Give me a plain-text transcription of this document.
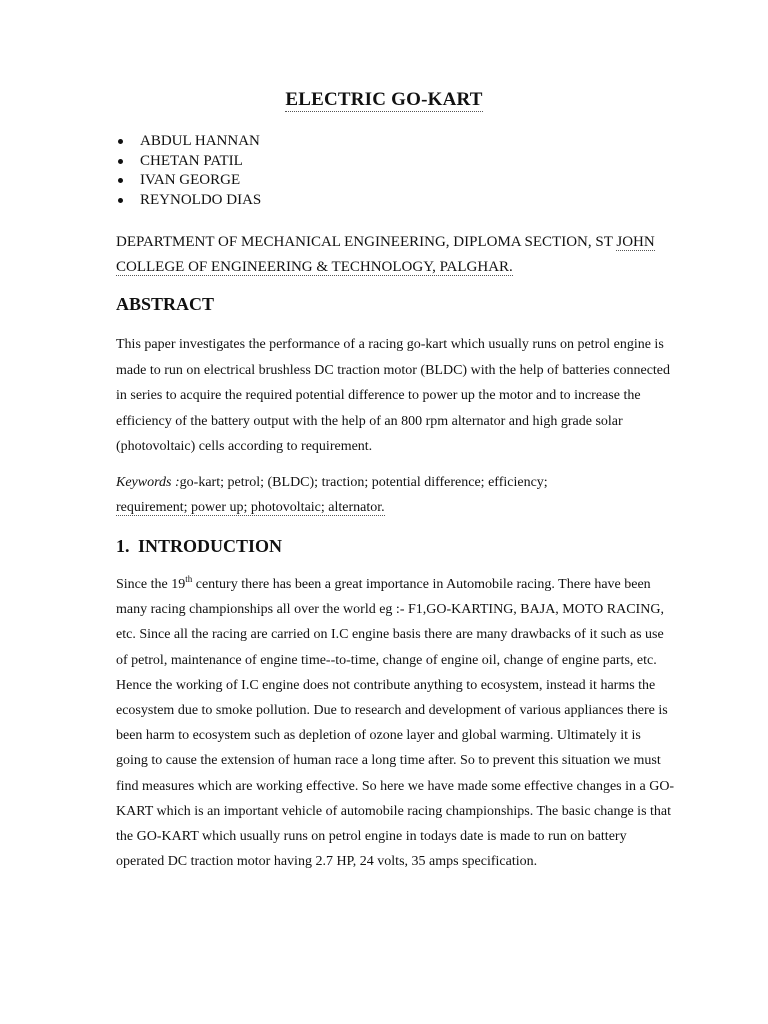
ELECTRIC GO-KART
ABDUL HANNAN
CHETAN PATIL
IVAN GEORGE
REYNOLDO DIAS
DEPARTMENT OF MECHANICAL ENGINEERING, DIPLOMA SECTION, ST JOHN
COLLEGE OF ENGINEERING & TECHNOLOGY, PALGHAR.
ABSTRACT
This paper investigates the performance of a racing go-kart which usually runs on petrol engine is made to run on electrical brushless DC traction motor (BLDC) with the help of batteries connected in series to acquire the required potential difference to power up the motor and to increase the efficiency of the battery output with the help of an 800 rpm alternator and high grade solar (photovoltaic) cells according to requirement.
Keywords :go-kart; petrol; (BLDC); traction; potential difference; efficiency;
requirement; power up; photovoltaic; alternator.
1. INTRODUCTION
Since the 19th century there has been a great importance in Automobile racing. There have been many racing championships all over the world eg :- F1,GO-KARTING, BAJA, MOTO RACING, etc. Since all the racing are carried on I.C engine basis there are many drawbacks of it such as use of petrol, maintenance of engine time--to-time, change of engine oil, change of engine parts, etc. Hence the working of I.C engine does not contribute anything to ecosystem, instead it harms the ecosystem due to smoke pollution. Due to research and development of various appliances there is been harm to ecosystem such as depletion of ozone layer and global warming. Ultimately it is going to cause the extension of human race a long time after. So to prevent this situation we must find measures which are working effective. So here we have made some effective changes in a GO-KART which is an important vehicle of automobile racing championships. The basic change is that the GO-KART which usually runs on petrol engine in todays date is made to run on battery operated DC traction motor having 2.7 HP, 24 volts, 35 amps specification.
